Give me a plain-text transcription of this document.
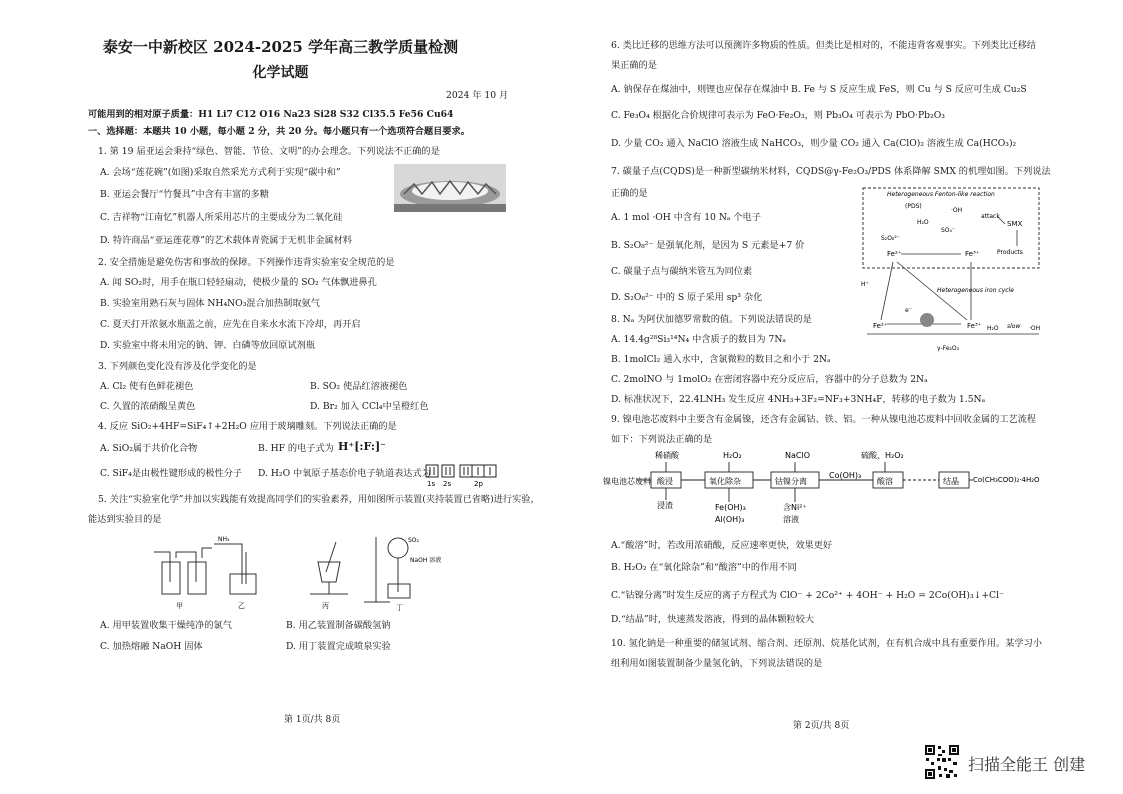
泰安一中新校区 2024-2025 学年高三教学质量检测
化学试题
2024 年 10 月
可能用到的相对原子质量：H1 Li7 C12 O16 Na23 Si28 S32 Cl35.5 Fe56 Cu64
一、选择题：本题共 10 小题，每小题 2 分，共 20 分。每小题只有一个选项符合题目要求。
1. 第 19 届亚运会秉持“绿色、智能、节俭、文明”的办会理念。下列说法不正确的是
A. 会场“莲花碗”(如图)采取自然采光方式利于实现“碳中和”
B. 亚运会餐厅“竹餐具”中含有丰富的多糖
C. 吉祥物“江南忆”机器人所采用芯片的主要成分为二氧化硅
D. 特许商品“亚运莲花尊”的艺术载体青瓷属于无机非金属材料
2. 安全措施是避免伤害和事故的保障。下列操作违背实验室安全规范的是
A. 闻 SO₂时，用手在瓶口轻轻扇动，使极少量的 SO₂ 气体飘进鼻孔
B. 实验室用熟石灰与固体 NH₄NO₃混合加热制取氨气
C. 夏天打开浓氨水瓶盖之前，应先在自来水水流下冷却，再开启
D. 实验室中将未用完的钠、钾、白磷等放回原试剂瓶
3. 下列颜色变化没有涉及化学变化的是
A. Cl₂ 使有色鲜花褪色	B. SO₂ 使品红溶液褪色
C. 久置的浓硝酸呈黄色	D. Br₂ 加入 CCl₄中呈橙红色
4. 反应 SiO₂+4HF=SiF₄↑+2H₂O 应用于玻璃雕刻。下列说法正确的是
A. SiO₂属于共价化合物	B. HF 的电子式为 H⁺[:F:]⁻
C. SiF₄是由极性键形成的极性分子 D. H₂O 中氧原子基态价电子轨道表达式为
1s 2s	2p
5. 关注“实验室化学”并加以实践能有效提高同学们的实验素养，用如图所示装置(夹持装置已省略)进行实验，
能达到实验目的是
NH₃	SO₂
NaOH 溶液
甲	乙	丙	丁
A. 用甲装置收集干燥纯净的氯气	B. 用乙装置制备碳酸氢钠
C. 加热熔融 NaOH 固体	D. 用丁装置完成喷泉实验
第 1页/共 8页
6. 类比迁移的思维方法可以预测许多物质的性质。但类比是相对的，不能违背客观事实。下列类比迁移结
果正确的是
A. 钠保存在煤油中，则锂也应保存在煤油中 B. Fe 与 S 反应生成 FeS，则 Cu 与 S 反应可生成 Cu₂S
C. Fe₃O₄ 根据化合价规律可表示为 FeO·Fe₂O₃，则 Pb₃O₄ 可表示为 PbO·Pb₂O₃
D. 少量 CO₂ 通入 NaClO 溶液生成 NaHCO₃，则少量 CO₂ 通入 Ca(ClO)₂ 溶液生成 Ca(HCO₃)₂
7. 碳量子点(CQDS)是一种新型碳纳米材料，CQDS@γ-Fe₂O₃/PDS 体系降解 SMX 的机理如图。下列说法
正确的是
A. 1 mol ·OH 中含有 10 Nₐ 个电子
B. S₂O₈²⁻ 是强氧化剂，是因为 S 元素是+7 价
C. 碳量子点与碳纳米管互为同位素
D. S₂O₈²⁻ 中的 S 原子采用 sp³ 杂化
Heterogeneous Fenton-like reaction
Heterogeneous iron cycle
(PDS)
·OH
H₂O
SO₄⁻
attack
SMX
Products
S₂O₈²⁻
Fe²⁺	Fe³⁺
H⁺
e⁻
Fe²⁺	Fe³⁺ H₂O slow ·OH
γ-Fe₂O₃
8. Nₐ 为阿伏加德罗常数的值。下列说法错误的是
A. 14.4g²⁸Si₃¹⁴N₄ 中含质子的数目为 7Nₐ
B. 1molCl₂ 通入水中，含氯微粒的数目之和小于 2Nₐ
C. 2molNO 与 1molO₂ 在密闭容器中充分反应后，容器中的分子总数为 2Nₐ
D. 标准状况下，22.4LNH₃ 发生反应 4NH₃+3F₂=NF₃+3NH₄F，转移的电子数为 1.5Nₐ
9. 镍电池芯废料中主要含有金属镍，还含有金属钴、铁、铝。一种从镍电池芯废料中回收金属的工艺流程
如下：下列说法正确的是
镍电池芯废料
稀硝酸	H₂O₂	NaClO	硫酸、H₂O₂
酸浸	氧化除杂	钴镍分离
Co(OH)₃
酸溶	结晶 Co(CH₃COO)₂·4H₂O
浸渣	Fe(OH)₃
Al(OH)₃
含Ni²⁺
溶液
A.“酸溶”时，若改用浓硝酸，反应速率更快，效果更好
B. H₂O₂ 在“氧化除杂”和“酸溶”中的作用不同
C.“钴镍分离”时发生反应的离子方程式为 ClO⁻ + 2Co²⁺ + 4OH⁻ + H₂O = 2Co(OH)₃↓+Cl⁻
D.“结晶”时，快速蒸发溶液，得到的晶体颗粒较大
10. 氢化钠是一种重要的储氢试剂、缩合剂、还原剂、烷基化试剂，在有机合成中具有重要作用。某学习小
组利用如图装置制备少量氢化钠，下列说法错误的是
第 2页/共 8页
扫描全能王 创建
